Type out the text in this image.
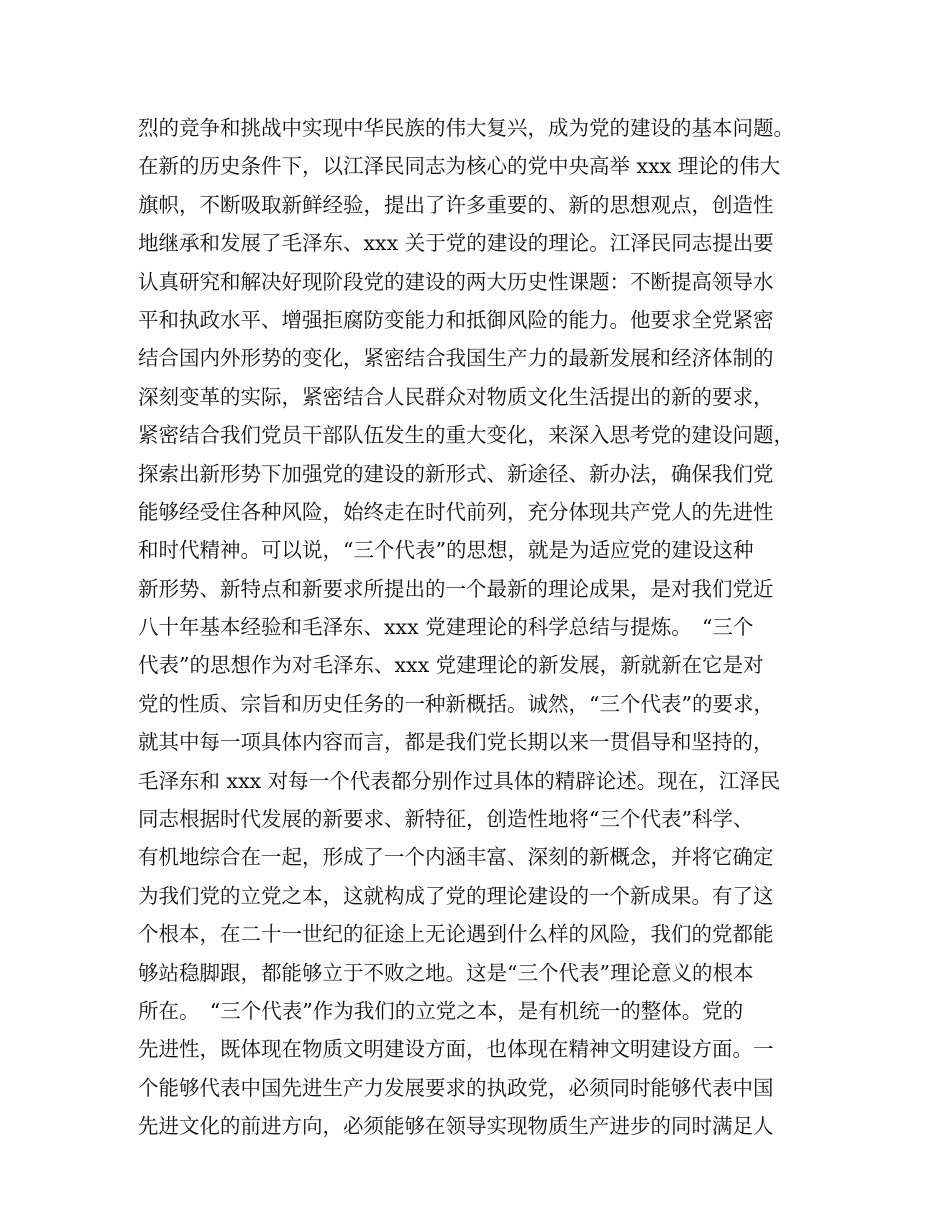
烈的竞争和挑战中实现中华民族的伟大复兴，成为党的建设的基本问题。
在新的历史条件下，以江泽民同志为核心的党中央高举 xxx 理论的伟大
旗帜，不断吸取新鲜经验，提出了许多重要的、新的思想观点，创造性
地继承和发展了毛泽东、xxx 关于党的建设的理论。江泽民同志提出要
认真研究和解决好现阶段党的建设的两大历史性课题：不断提高领导水
平和执政水平、增强拒腐防变能力和抵御风险的能力。他要求全党紧密
结合国内外形势的变化，紧密结合我国生产力的最新发展和经济体制的
深刻变革的实际，紧密结合人民群众对物质文化生活提出的新的要求，
紧密结合我们党员干部队伍发生的重大变化，来深入思考党的建设问题，
探索出新形势下加强党的建设的新形式、新途径、新办法，确保我们党
能够经受住各种风险，始终走在时代前列，充分体现共产党人的先进性
和时代精神。可以说，“三个代表”的思想，就是为适应党的建设这种
新形势、新特点和新要求所提出的一个最新的理论成果，是对我们党近
八十年基本经验和毛泽东、xxx 党建理论的科学总结与提炼。　“三个
代表”的思想作为对毛泽东、xxx 党建理论的新发展，新就新在它是对
党的性质、宗旨和历史任务的一种新概括。诚然，“三个代表”的要求，
就其中每一项具体内容而言，都是我们党长期以来一贯倡导和坚持的，
毛泽东和 xxx 对每一个代表都分别作过具体的精辟论述。现在，江泽民
同志根据时代发展的新要求、新特征，创造性地将“三个代表”科学、
有机地综合在一起，形成了一个内涵丰富、深刻的新概念，并将它确定
为我们党的立党之本，这就构成了党的理论建设的一个新成果。有了这
个根本，在二十一世纪的征途上无论遇到什么样的风险，我们的党都能
够站稳脚跟，都能够立于不败之地。这是“三个代表”理论意义的根本
所在。　“三个代表”作为我们的立党之本，是有机统一的整体。党的
先进性，既体现在物质文明建设方面，也体现在精神文明建设方面。一
个能够代表中国先进生产力发展要求的执政党，必须同时能够代表中国
先进文化的前进方向，必须能够在领导实现物质生产进步的同时满足人
